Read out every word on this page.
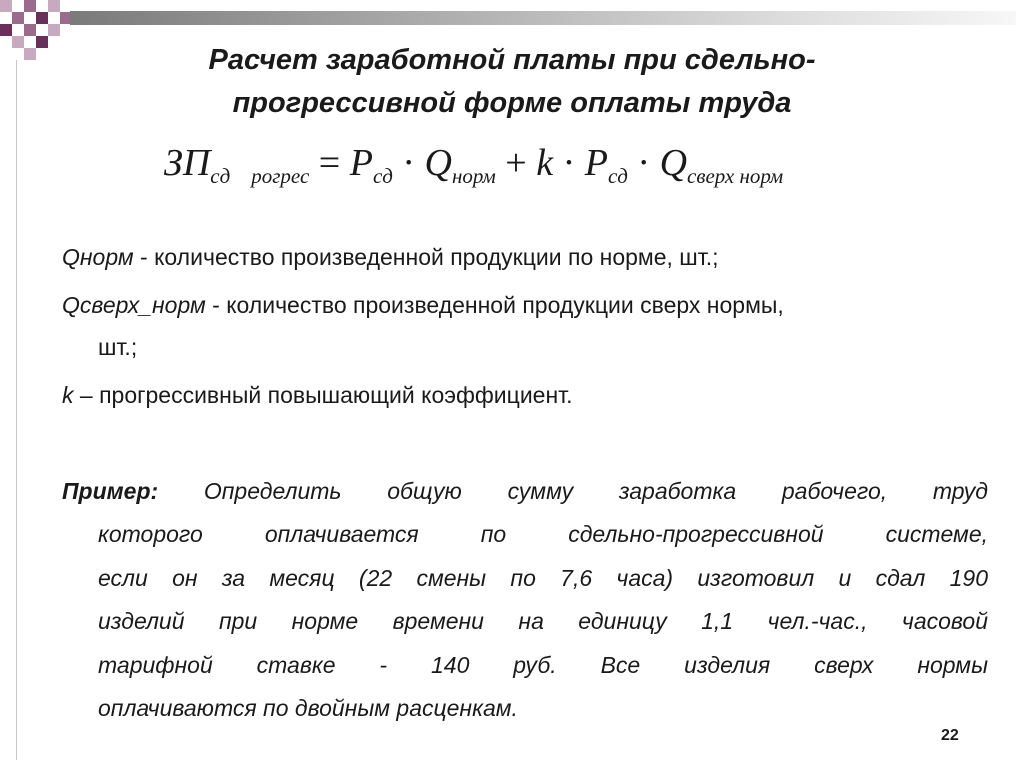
Расчет заработной платы при сдельно-
прогрессивной форме оплаты труда
$ЗП_{сд рогрес} = P_{сд} \cdot Q_{норм} + k \cdot P_{сд} \cdot Q_{сверх норм}$
Qнорм - количество произведенной продукции по норме, шт.;
Qсверх_норм - количество произведенной продукции сверх нормы,
шт.;
k – прогрессивный повышающий коэффициент.
Пример: Определить общую сумму заработка рабочего, труд
которого оплачивается по сдельно-прогрессивной системе,
если он за месяц (22 смены по 7,6 часа) изготовил и сдал 190
изделий при норме времени на единицу 1,1 чел.-час., часовой
тарифной ставке - 140 руб. Все изделия сверх нормы
оплачиваются по двойным расценкам.
22
